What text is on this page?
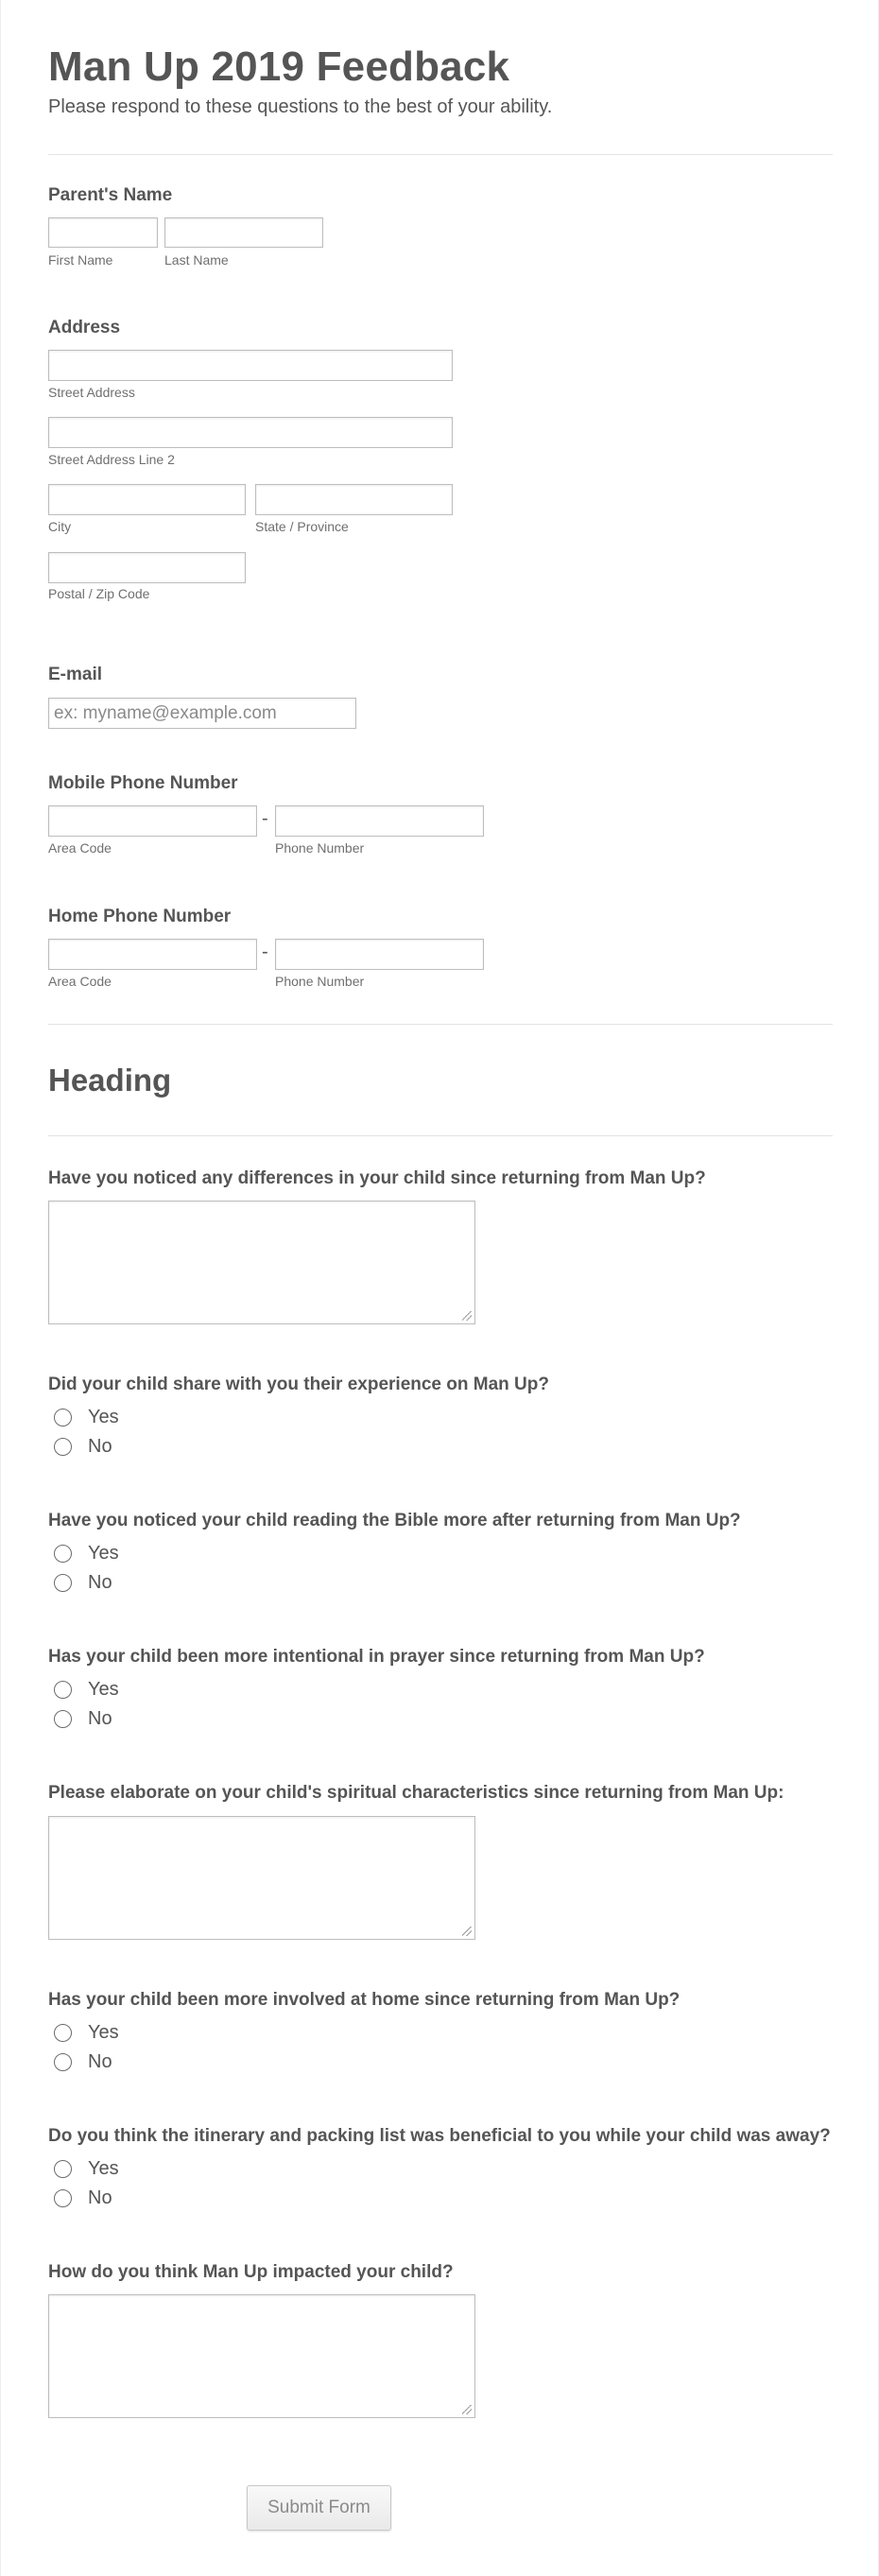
Man Up 2019 Feedback
Please respond to these questions to the best of your ability.
Parent's Name
First Name	Last Name
Address
Street Address
Street Address Line 2
City	State / Province
Postal / Zip Code
E-mail
ex: myname@example.com
Mobile Phone Number
-
Area Code	Phone Number
Home Phone Number
-
Area Code	Phone Number
Heading
Have you noticed any differences in your child since returning from Man Up?
Did your child share with you their experience on Man Up?
Yes
No
Have you noticed your child reading the Bible more after returning from Man Up?
Yes
No
Has your child been more intentional in prayer since returning from Man Up?
Yes
No
Please elaborate on your child's spiritual characteristics since returning from Man Up:
Has your child been more involved at home since returning from Man Up?
Yes
No
Do you think the itinerary and packing list was beneficial to you while your child was away?
Yes
No
How do you think Man Up impacted your child?
Submit Form
